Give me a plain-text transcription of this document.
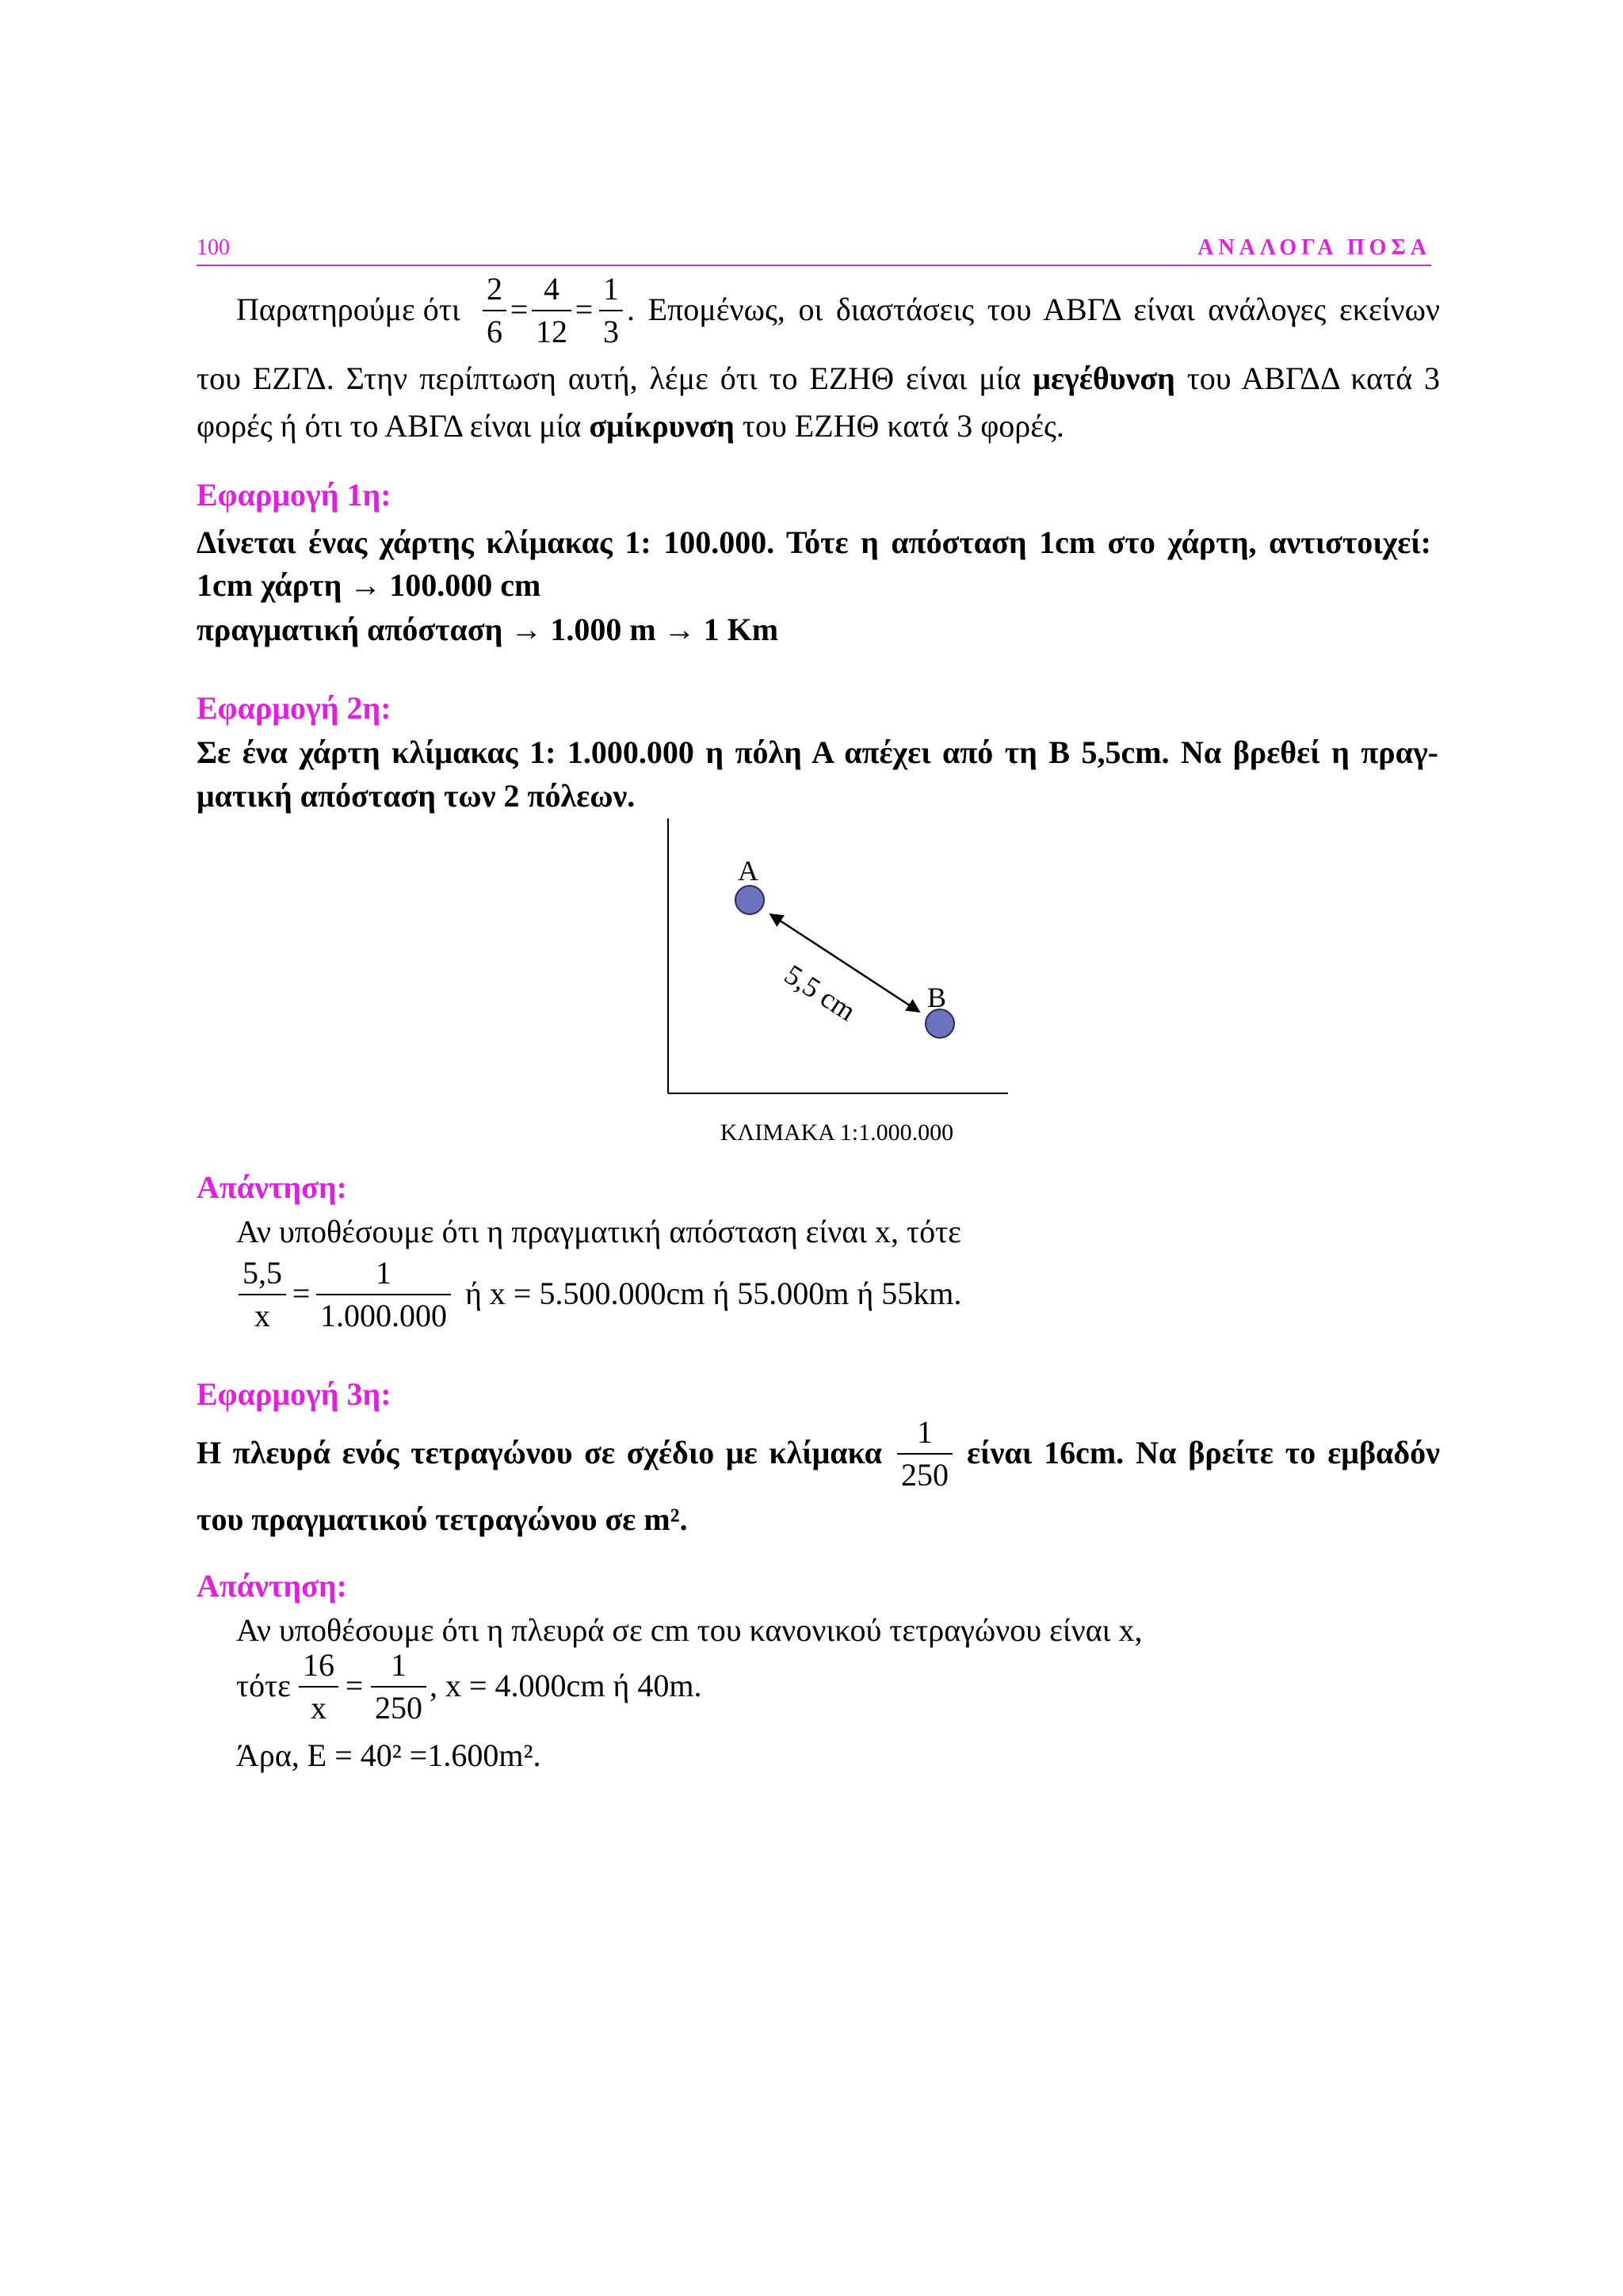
100	ΑΝΑΛΟΓΑ ΠΟΣΑ
Παρατηρούμε ότι
2
6
=
4
12
=
1
3
. Επομένως, οι διαστάσεις του ΑΒΓΔ είναι ανάλογες εκείνων
του ΕΖΓΔ. Στην περίπτωση αυτή, λέμε ότι το ΕΖΗΘ είναι μία μεγέθυνση του ΑΒΓΔΔ κατά 3
φορές ή ότι το ΑΒΓΔ είναι μία σμίκρυνση του ΕΖΗΘ κατά 3 φορές.
Εφαρμογή 1η:
Δίνεται ένας χάρτης κλίμακας 1: 100.000. Τότε η απόσταση 1cm στο χάρτη, αντιστοιχεί:
1cm χάρτη → 100.000 cm
πραγματική απόσταση → 1.000 m → 1 Km
Εφαρμογή 2η:
Σε ένα χάρτη κλίμακας 1: 1.000.000 η πόλη Α απέχει από τη Β 5,5cm. Να βρεθεί η πραγ-
ματική απόσταση των 2 πόλεων.
A
B
5,5 cm
ΚΛΙΜΑΚΑ 1:1.000.000
Απάντηση:
Αν υποθέσουμε ότι η πραγματική απόσταση είναι x, τότε
5,5
x
=
1
1.000.000
ή x = 5.500.000cm ή 55.000m ή 55km.
Εφαρμογή 3η:
Η πλευρά ενός τετραγώνου σε σχέδιο με κλίμακα
1
250
είναι 16cm. Να βρείτε το εμβαδόν
του πραγματικού τετραγώνου σε m².
Απάντηση:
Αν υποθέσουμε ότι η πλευρά σε cm του κανονικού τετραγώνου είναι x,
τότε
16
x
=
1
250
, x = 4.000cm ή 40m.
Άρα, Ε = 40² =1.600m².
